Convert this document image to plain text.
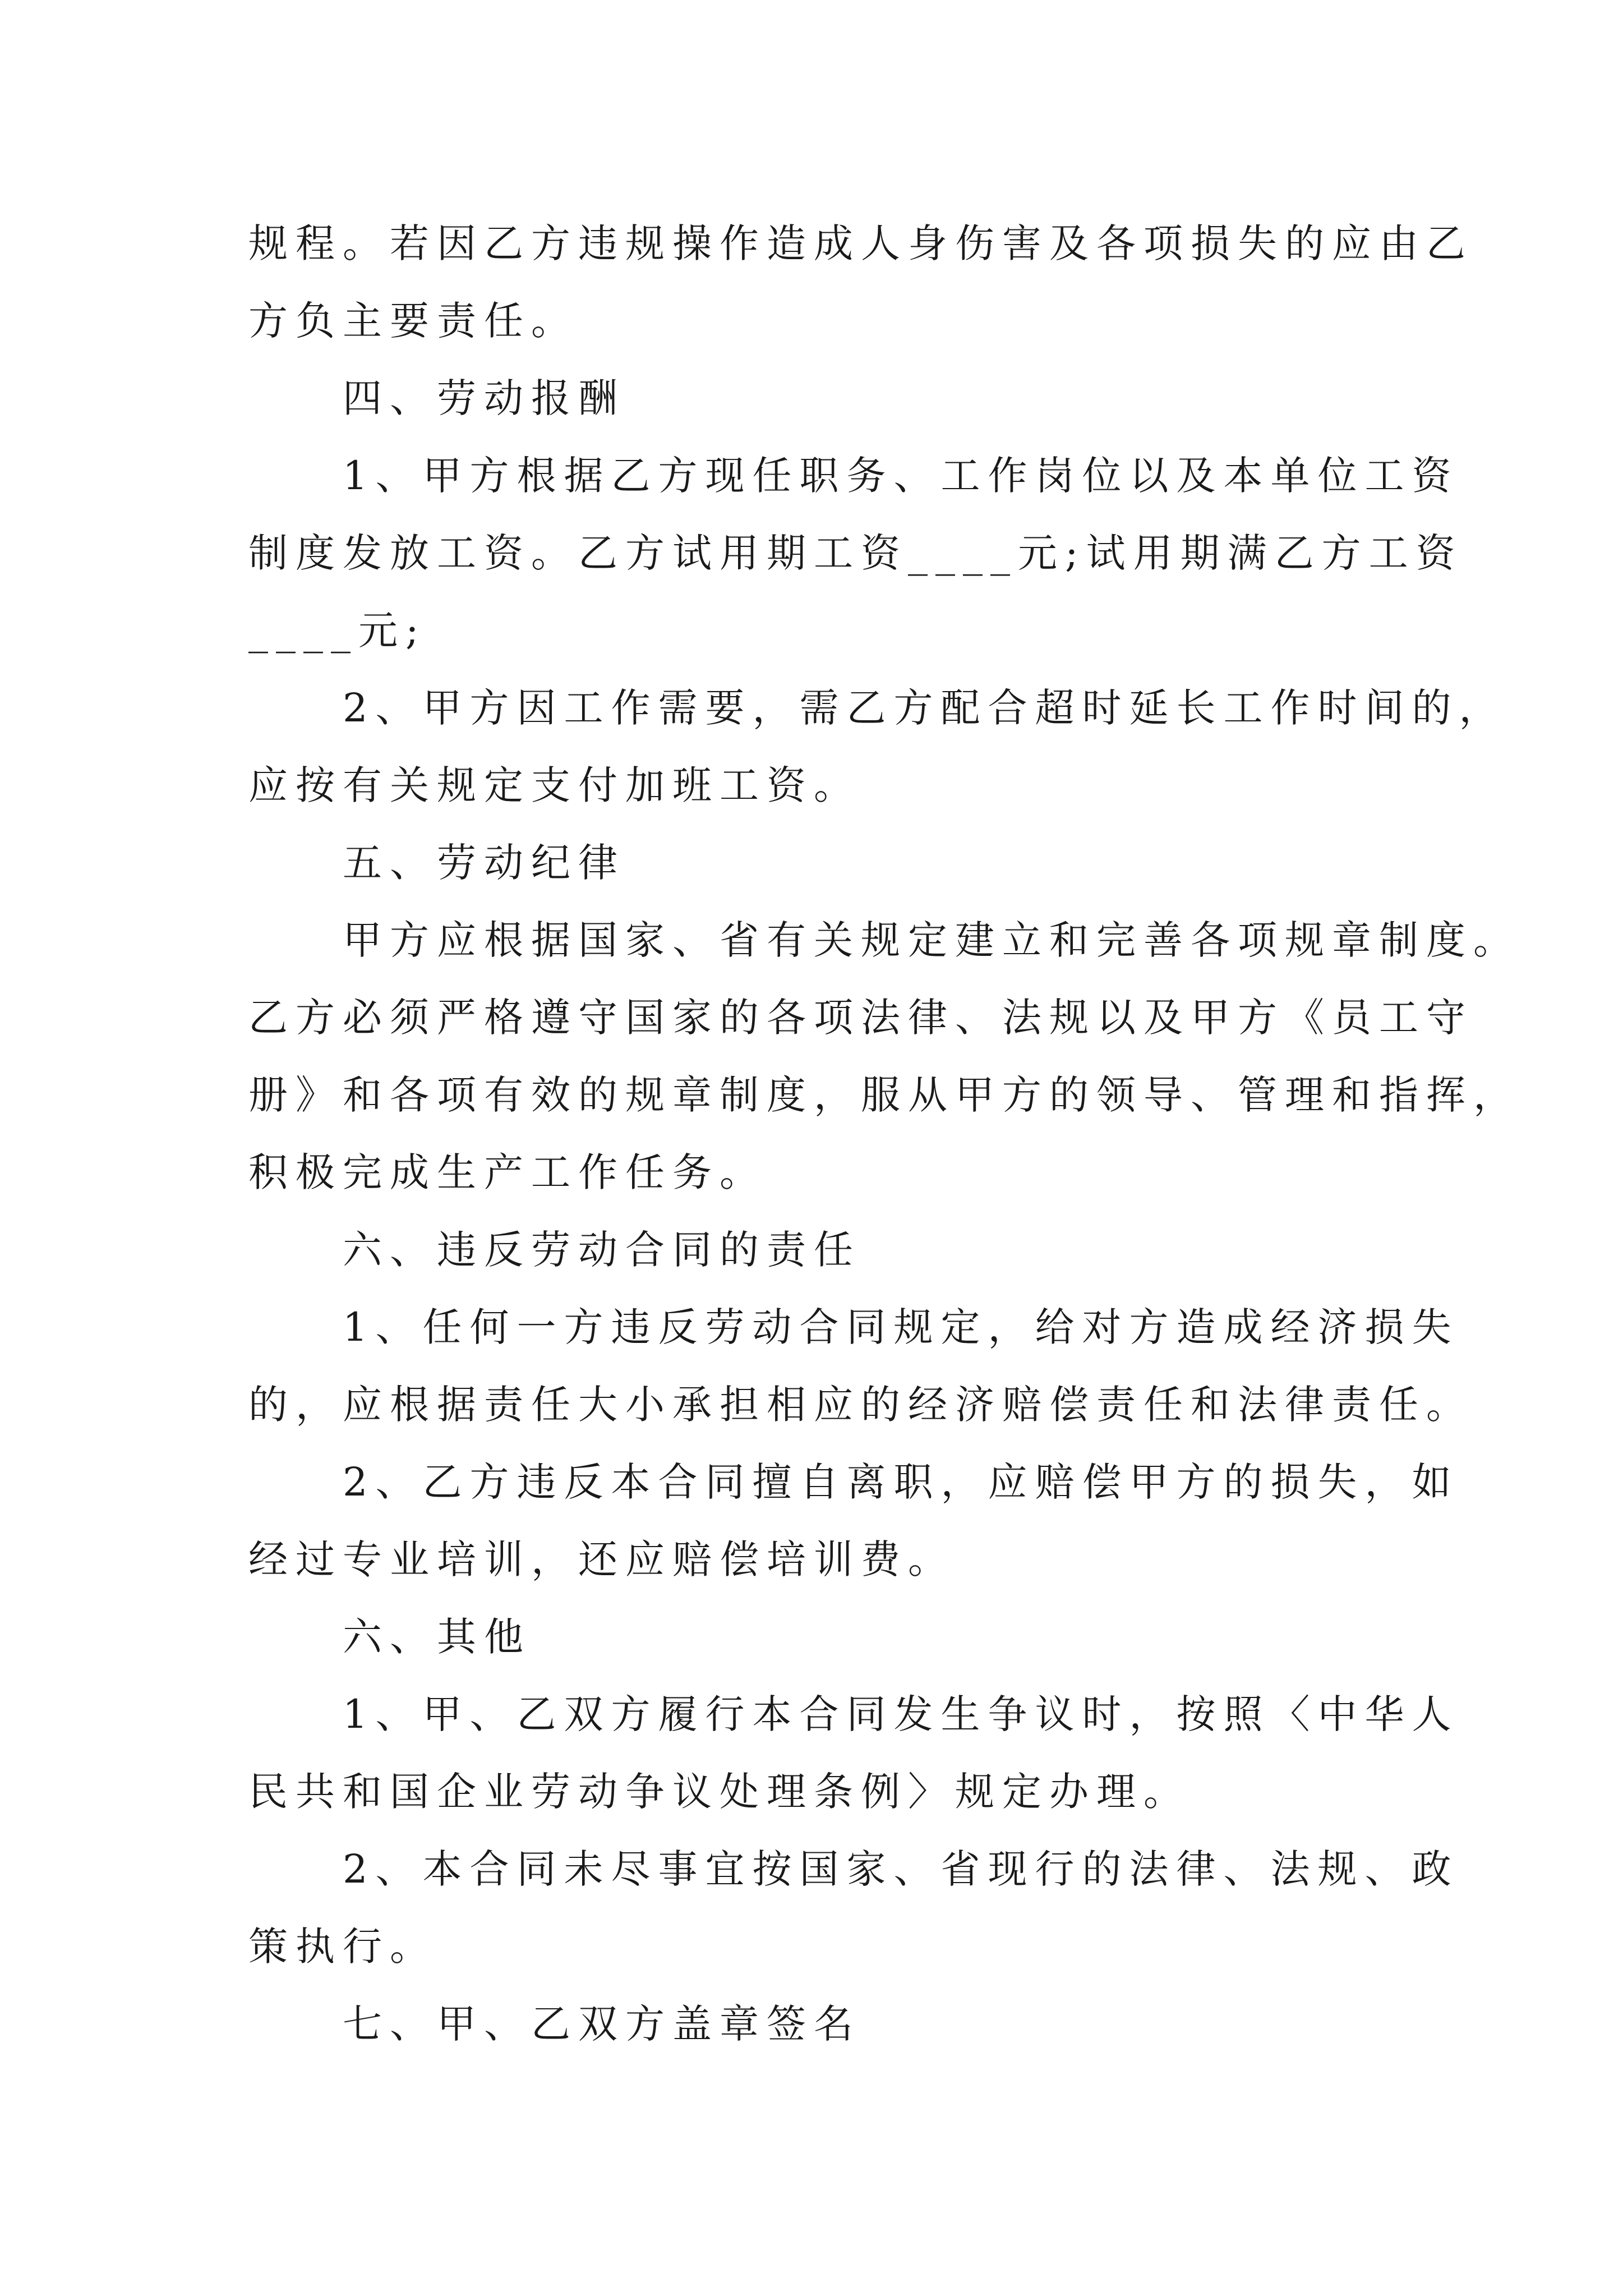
规程。若因乙方违规操作造成人身伤害及各项损失的应由乙
方负主要责任。

四、劳动报酬

1、甲方根据乙方现任职务、工作岗位以及本单位工资
制度发放工资。乙方试用期工资____元;试用期满乙方工资
____元;

2、甲方因工作需要，需乙方配合超时延长工作时间的，
应按有关规定支付加班工资。

五、劳动纪律

甲方应根据国家、省有关规定建立和完善各项规章制度。
乙方必须严格遵守国家的各项法律、法规以及甲方《员工守
册》和各项有效的规章制度，服从甲方的领导、管理和指挥，
积极完成生产工作任务。

六、违反劳动合同的责任

1、任何一方违反劳动合同规定，给对方造成经济损失
的，应根据责任大小承担相应的经济赔偿责任和法律责任。

2、乙方违反本合同擅自离职，应赔偿甲方的损失，如
经过专业培训，还应赔偿培训费。

六、其他

1、甲、乙双方履行本合同发生争议时，按照〈中华人
民共和国企业劳动争议处理条例〉规定办理。

2、本合同未尽事宜按国家、省现行的法律、法规、政
策执行。

七、甲、乙双方盖章签名
